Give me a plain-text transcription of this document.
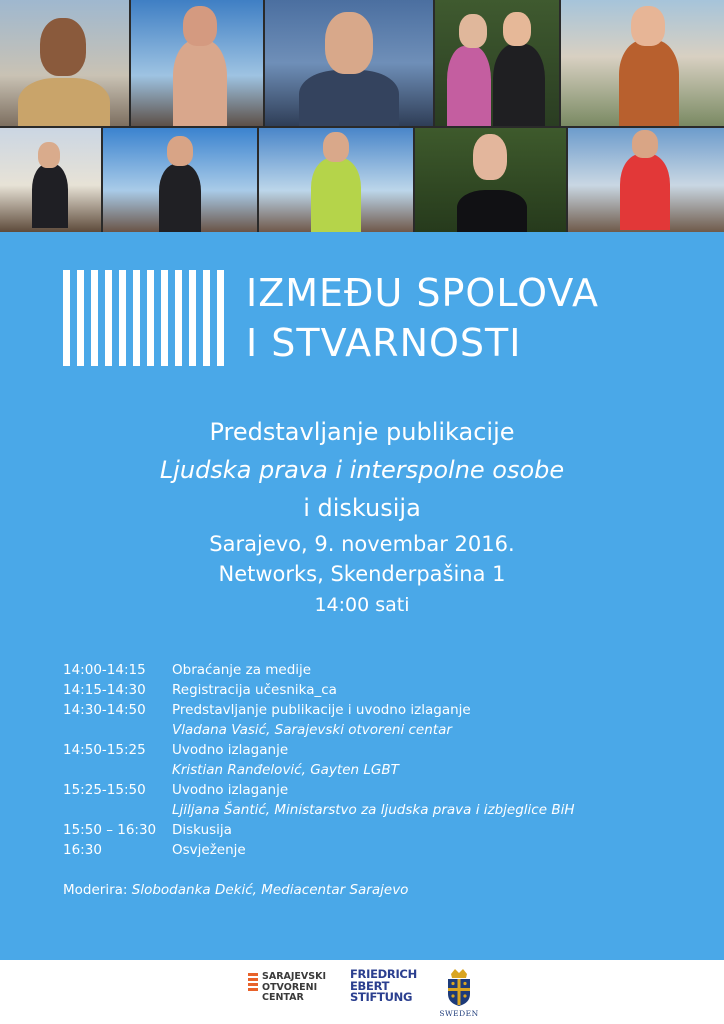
IZMEĐU SPOLOVA
I STVARNOSTI
Predstavljanje publikacije
Ljudska prava i interspolne osobe
i diskusija
Sarajevo, 9. novembar 2016.
Networks, Skenderpašina 1
14:00 sati
14:00-14:15 Obraćanje za medije
14:15-14:30 Registracija učesnika_ca
14:30-14:50 Predstavljanje publikacije i uvodno izlaganje
Vladana Vasić, Sarajevski otvoreni centar
14:50-15:25 Uvodno izlaganje
Kristian Ranđelović, Gayten LGBT
15:25-15:50 Uvodno izlaganje
Ljiljana Šantić, Ministarstvo za ljudska prava i izbjeglice BiH
15:50 – 16:30 Diskusija
16:30	Osvježenje
Moderira: Slobodanka Dekić, Mediacentar Sarajevo
SARAJEVSKI
OTVORENI
CENTAR
FRIEDRICH
EBERT
STIFTUNG
SWEDEN
